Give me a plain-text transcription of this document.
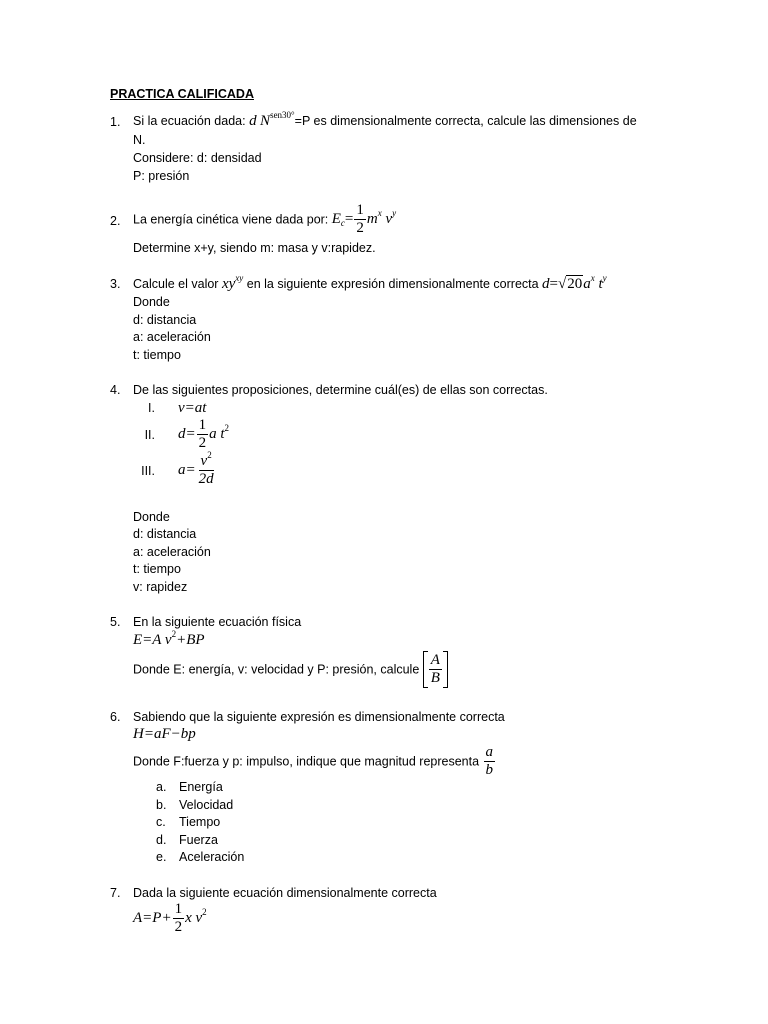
PRACTICA CALIFICADA
1. Si la ecuación dada: d $N^{sen30^\circ}=P$ es dimensionalmente correcta, calcule las dimensiones de
N.
Considere: d: densidad
P: presión
2. La energía cinética viene dada por: $E_c= \frac{1}{2} m^x$ $v^y$
Determine x+y, siendo m: masa y v:rapidez.
3. Calcule el valor $xy^{xy}$ en la siguiente expresión dimensionalmente correcta d= √ 20 $a^x$ $t^y$
Donde
d: distancia
a: aceleración
t: tiempo
4. De las siguientes proposiciones, determine cuál(es) de ellas son correctas.
I. v=at
II. $d= \frac{1}{2}$ a $t^2$
III. $a= \frac{v^2}{2d}$
Donde
d: distancia
a: aceleración
t: tiempo
v: rapidez
5. En la siguiente ecuación física
E=A $v^2+BP$
Donde E: energía, v: velocidad y P: presión, calcule $\frac{A}{B}$
6. Sabiendo que la siguiente expresión es dimensionalmente correcta
H=aF−bp
Donde F:fuerza y p: impulso, indique que magnitud representa $\frac{a}{b}$
a. Energía
b. Velocidad
c. Tiempo
d. Fuerza
e. Aceleración
7. Dada la siguiente ecuación dimensionalmente correcta
$A=P+ \frac{1}{2}$ x $v^2$
